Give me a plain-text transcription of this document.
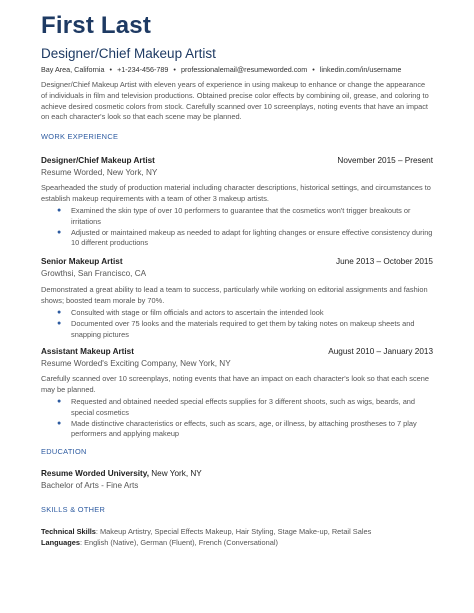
First Last
Designer/Chief Makeup Artist
Bay Area, California • +1-234-456-789 • professionalemail@resumeworded.com • linkedin.com/in/username
Designer/Chief Makeup Artist with eleven years of experience in using makeup to enhance or change the appearance of individuals in film and television productions. Obtained precise color effects by combining oil, grease, and coloring to achieve desired cosmetic colors from stock. Carefully scanned over 10 screenplays, noting events that have an impact on each character's look so that each scene may be planned.
WORK EXPERIENCE
Designer/Chief Makeup Artist	November 2015 – Present
Resume Worded, New York, NY
Spearheaded the study of production material including character descriptions, historical settings, and circumstances to establish makeup requirements with a team of other 3 makeup artists.
● Examined the skin type of over 10 performers to guarantee that the cosmetics won't trigger breakouts or irritations
● Adjusted or maintained makeup as needed to adapt for lighting changes or ensure effective consistency during 10 different productions
Senior Makeup Artist	June 2013 – October 2015
Growthsi, San Francisco, CA
Demonstrated a great ability to lead a team to success, particularly while working on editorial assignments and fashion shows; boosted team morale by 70%.
● Consulted with stage or film officials and actors to ascertain the intended look
● Documented over 75 looks and the materials required to get them by taking notes on makeup sheets and snapping pictures
Assistant Makeup Artist	August 2010 – January 2013
Resume Worded's Exciting Company, New York, NY
Carefully scanned over 10 screenplays, noting events that have an impact on each character's look so that each scene may be planned.
● Requested and obtained needed special effects supplies for 3 different shoots, such as wigs, beards, and special cosmetics
● Made distinctive characteristics or effects, such as scars, age, or illness, by attaching prostheses to 7 play performers and applying makeup
EDUCATION
Resume Worded University, New York, NY
Bachelor of Arts - Fine Arts
SKILLS & OTHER
Technical Skills: Makeup Artistry, Special Effects Makeup, Hair Styling, Stage Make-up, Retail Sales
Languages: English (Native), German (Fluent), French (Conversational)
